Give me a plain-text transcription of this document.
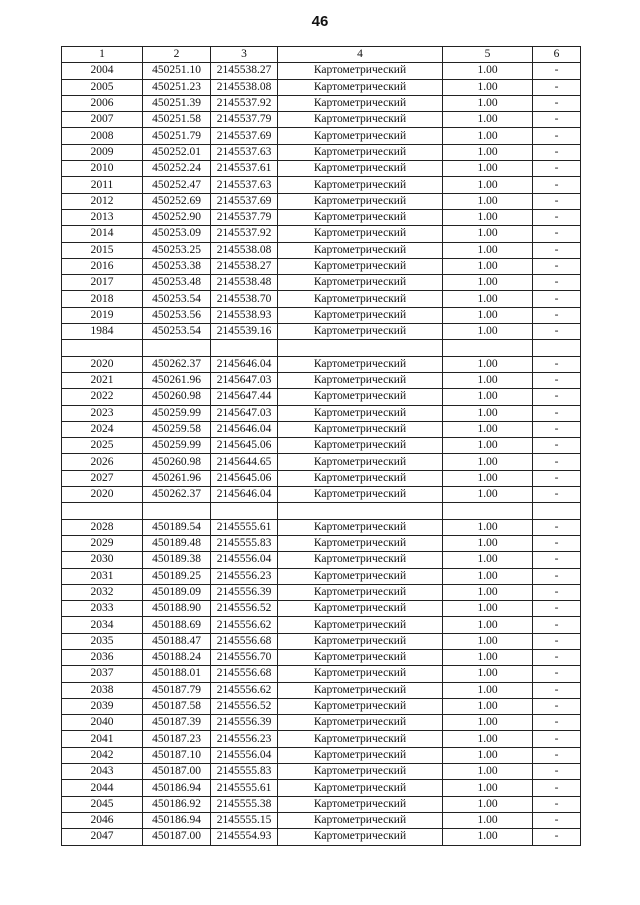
46
1	2	3	4	5	6
2004	450251.10	2145538.27	Картометрический	1.00	-
2005	450251.23	2145538.08	Картометрический	1.00	-
2006	450251.39	2145537.92	Картометрический	1.00	-
2007	450251.58	2145537.79	Картометрический	1.00	-
2008	450251.79	2145537.69	Картометрический	1.00	-
2009	450252.01	2145537.63	Картометрический	1.00	-
2010	450252.24	2145537.61	Картометрический	1.00	-
2011	450252.47	2145537.63	Картометрический	1.00	-
2012	450252.69	2145537.69	Картометрический	1.00	-
2013	450252.90	2145537.79	Картометрический	1.00	-
2014	450253.09	2145537.92	Картометрический	1.00	-
2015	450253.25	2145538.08	Картометрический	1.00	-
2016	450253.38	2145538.27	Картометрический	1.00	-
2017	450253.48	2145538.48	Картометрический	1.00	-
2018	450253.54	2145538.70	Картометрический	1.00	-
2019	450253.56	2145538.93	Картометрический	1.00	-
1984	450253.54	2145539.16	Картометрический	1.00	-

2020	450262.37	2145646.04	Картометрический	1.00	-
2021	450261.96	2145647.03	Картометрический	1.00	-
2022	450260.98	2145647.44	Картометрический	1.00	-
2023	450259.99	2145647.03	Картометрический	1.00	-
2024	450259.58	2145646.04	Картометрический	1.00	-
2025	450259.99	2145645.06	Картометрический	1.00	-
2026	450260.98	2145644.65	Картометрический	1.00	-
2027	450261.96	2145645.06	Картометрический	1.00	-
2020	450262.37	2145646.04	Картометрический	1.00	-

2028	450189.54	2145555.61	Картометрический	1.00	-
2029	450189.48	2145555.83	Картометрический	1.00	-
2030	450189.38	2145556.04	Картометрический	1.00	-
2031	450189.25	2145556.23	Картометрический	1.00	-
2032	450189.09	2145556.39	Картометрический	1.00	-
2033	450188.90	2145556.52	Картометрический	1.00	-
2034	450188.69	2145556.62	Картометрический	1.00	-
2035	450188.47	2145556.68	Картометрический	1.00	-
2036	450188.24	2145556.70	Картометрический	1.00	-
2037	450188.01	2145556.68	Картометрический	1.00	-
2038	450187.79	2145556.62	Картометрический	1.00	-
2039	450187.58	2145556.52	Картометрический	1.00	-
2040	450187.39	2145556.39	Картометрический	1.00	-
2041	450187.23	2145556.23	Картометрический	1.00	-
2042	450187.10	2145556.04	Картометрический	1.00	-
2043	450187.00	2145555.83	Картометрический	1.00	-
2044	450186.94	2145555.61	Картометрический	1.00	-
2045	450186.92	2145555.38	Картометрический	1.00	-
2046	450186.94	2145555.15	Картометрический	1.00	-
2047	450187.00	2145554.93	Картометрический	1.00	-
